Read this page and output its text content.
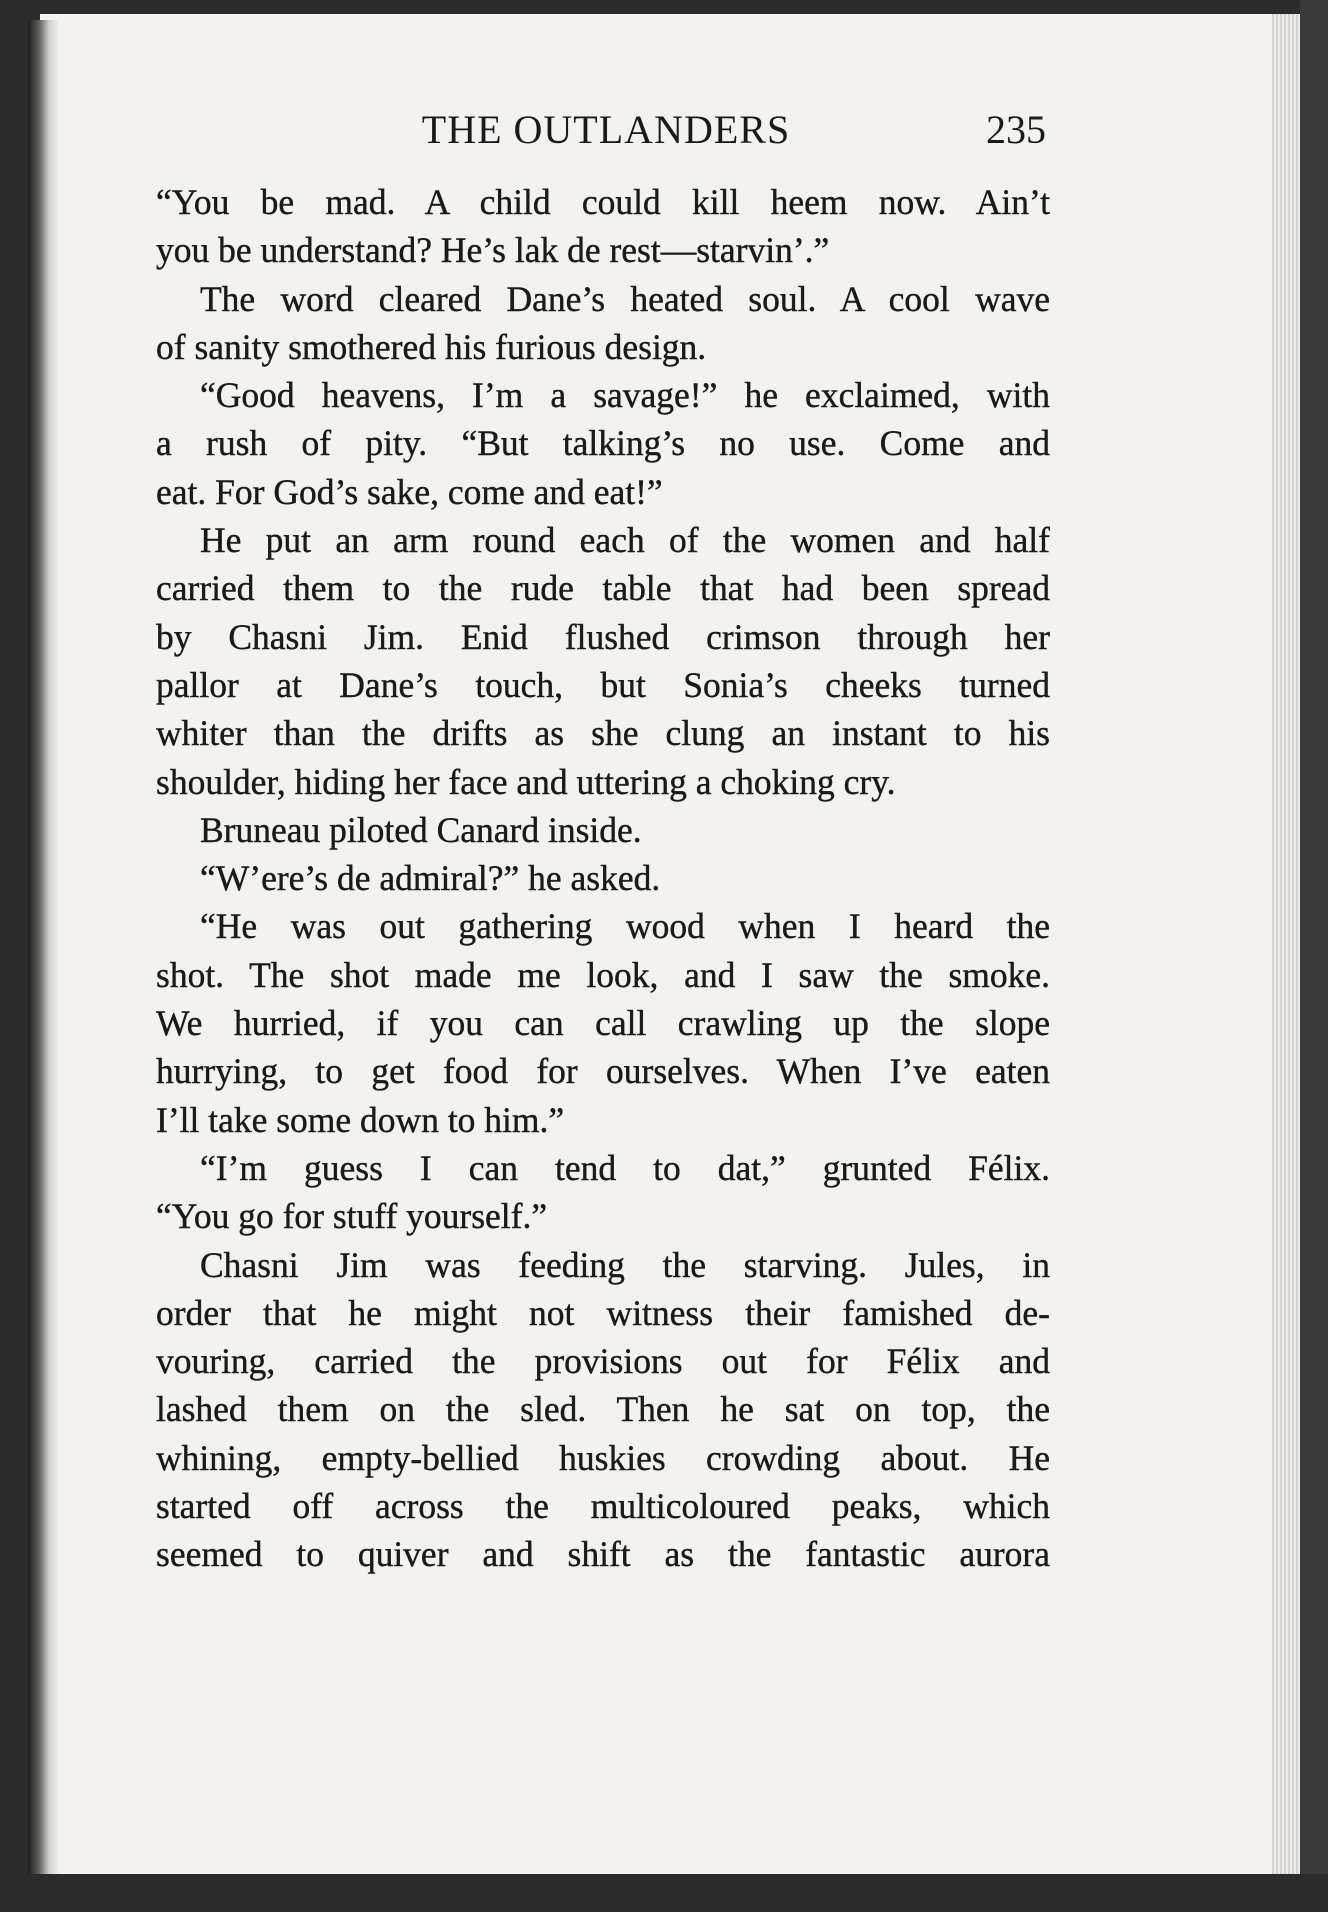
THE OUTLANDERS	235
“You be mad. A child could kill heem now. Ain’t
you be understand? He’s lak de rest—starvin’.”
The word cleared Dane’s heated soul. A cool wave
of sanity smothered his furious design.
“Good heavens, I’m a savage!” he exclaimed, with
a rush of pity. “But talking’s no use. Come and
eat. For God’s sake, come and eat!”
He put an arm round each of the women and half
carried them to the rude table that had been spread
by Chasni Jim. Enid flushed crimson through her
pallor at Dane’s touch, but Sonia’s cheeks turned
whiter than the drifts as she clung an instant to his
shoulder, hiding her face and uttering a choking cry.
Bruneau piloted Canard inside.
“W’ere’s de admiral?” he asked.
“He was out gathering wood when I heard the
shot. The shot made me look, and I saw the smoke.
We hurried, if you can call crawling up the slope
hurrying, to get food for ourselves. When I’ve eaten
I’ll take some down to him.”
“I’m guess I can tend to dat,” grunted Félix.
“You go for stuff yourself.”
Chasni Jim was feeding the starving. Jules, in
order that he might not witness their famished de-
vouring, carried the provisions out for Félix and
lashed them on the sled. Then he sat on top, the
whining, empty-bellied huskies crowding about. He
started off across the multicoloured peaks, which
seemed to quiver and shift as the fantastic aurora
